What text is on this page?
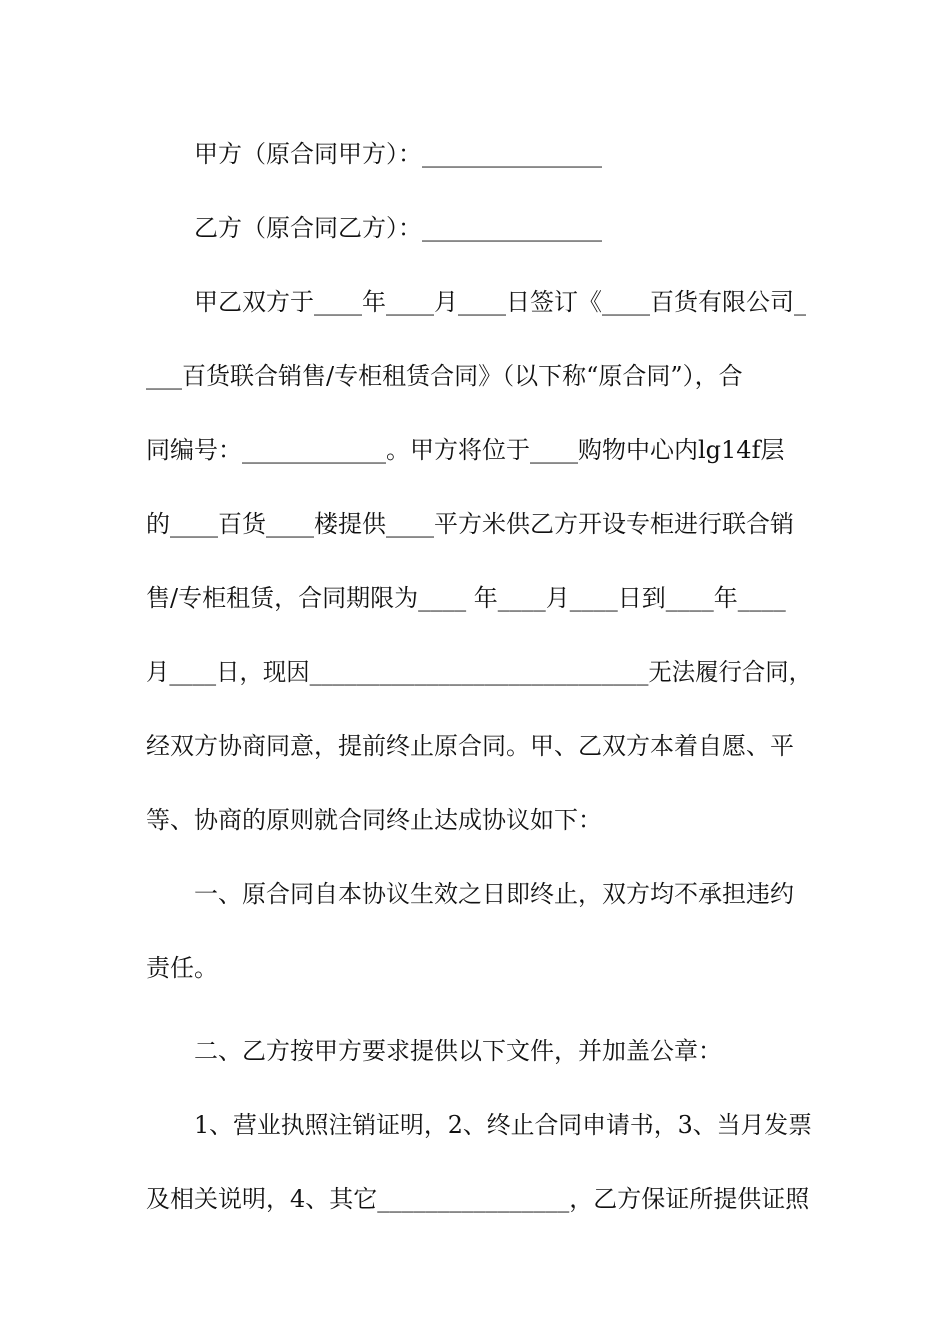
甲方（原合同甲方）：_______________

乙方（原合同乙方）：_______________

甲乙双方于____年____月____日签订《____百货有限公司_

___百货联合销售/专柜租赁合同》（以下称“原合同”），合

同编号：____________。甲方将位于____购物中心内lg14f层

的____百货____楼提供____平方米供乙方开设专柜进行联合销

售/专柜租赁，合同期限为____ 年____月____日到____年____

月____日，现因_____________________________无法履行合同，

经双方协商同意，提前终止原合同。甲、乙双方本着自愿、平

等、协商的原则就合同终止达成协议如下：

一、原合同自本协议生效之日即终止，双方均不承担违约

责任。

二、乙方按甲方要求提供以下文件，并加盖公章：

1、营业执照注销证明，2、终止合同申请书，3、当月发票

及相关说明，4、其它________________，乙方保证所提供证照
